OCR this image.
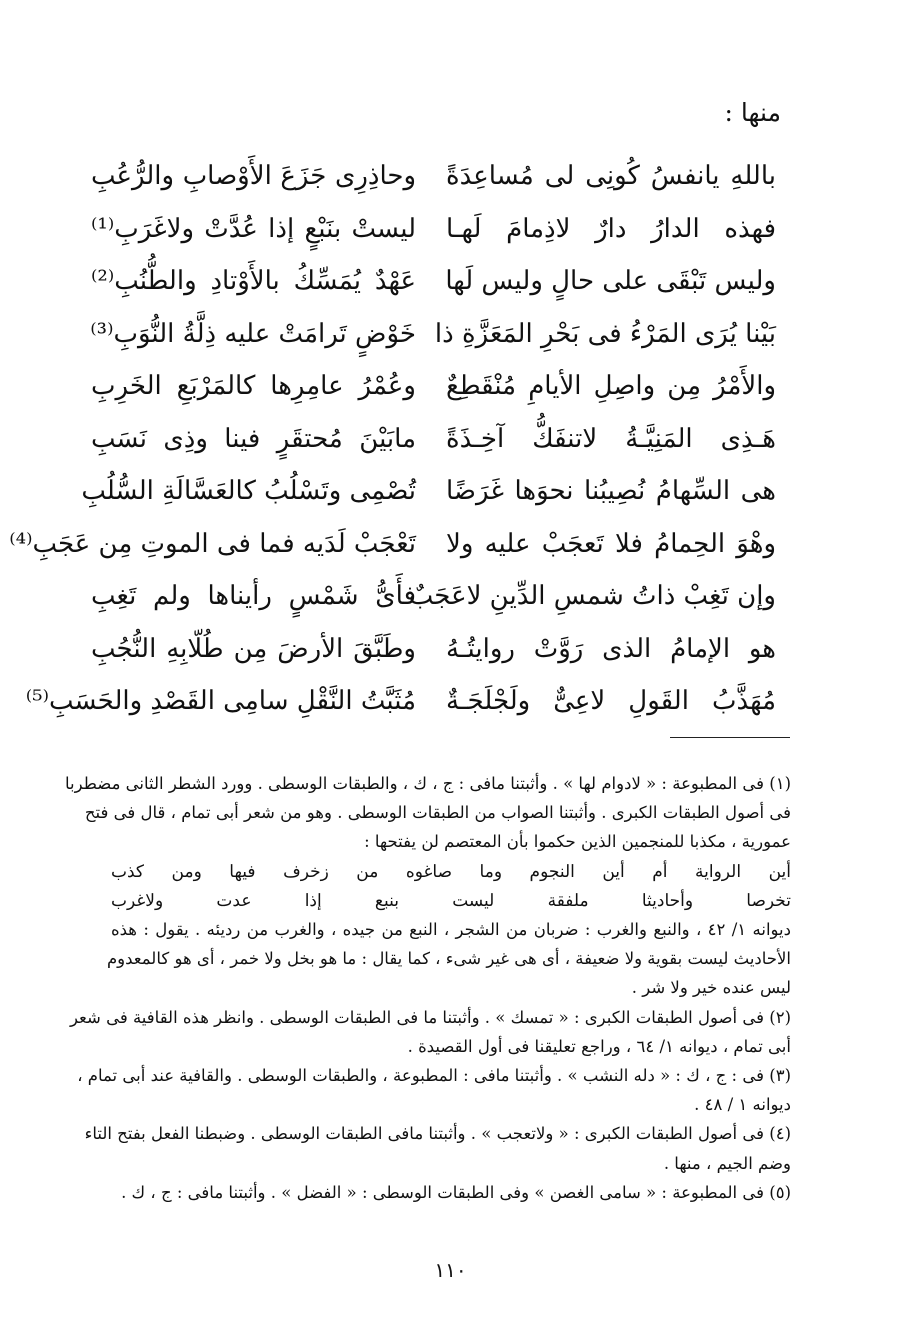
منها :
باللهِ يانفسُ كُونِى لى مُساعِدَةً
وحاذِرِى جَزَعَ الأَوْصابِ والرُّعُبِ
فهذه الدارُ دارٌ لاذِمامَ لَهـا
ليستْ بنَبْعٍ إذا عُدَّتْ ولاغَرَبِ⁽¹⁾
وليس تَبْقَى على حالٍ وليس لَها
عَهْدٌ يُمَسِّكُ بالأَوْتادِ والطُّنُبِ⁽²⁾
بَيْنا يُرَى المَرْءُ فى بَحْرِ المَعَزَّةِ ذا
خَوْضٍ تَرامَتْ عليه ذِلَّةُ النُّوَبِ⁽³⁾
والأَمْرُ مِن واصِلِ الأيامِ مُنْقَطِعٌ
وعُمْرُ عامِرِها كالمَرْبَعِ الخَرِبِ
هَـذِى المَنِيَّـةُ لاتنفَكُّ آخِـذَةً
مابَيْنَ مُحتقَرٍ فينا وذِى نَسَبِ
هى السِّهامُ نُصِيبُنا نحوَها غَرَضًا
تُصْمِى وتَسْلُبُ كالعَسَّالَةِ السُّلُبِ
وهْوَ الحِمامُ فلا تَعجَبْ عليه ولا
تَعْجَبْ لَدَيه فما فى الموتِ مِن عَجَبِ⁽⁴⁾
وإن تَغِبْ ذاتُ شمسِ الدِّينِ لاعَجَبٌ
فأَىُّ شَمْسٍ رأيناها ولم تَغِبِ
هو الإمامُ الذى رَوَّتْ روايتُـهُ
وطَبَّقَ الأرضَ مِن طُلّابِهِ النُّجُبِ
مُهَذَّبُ القَولِ لاعِىٌّ ولَجْلَجَـةٌ
مُثَبَّتُ النَّقْلِ سامِى القَصْدِ والحَسَبِ⁽⁵⁾
(١) فى المطبوعة : « لادوام لها » . وأثبتنا مافى : ج ، ك ، والطبقات الوسطى . وورد الشطر الثانى مضطربا
فى أصول الطبقات الكبرى . وأثبتنا الصواب من الطبقات الوسطى . وهو من شعر أبى تمام ، قال فى فتح
عمورية ، مكذبا للمنجمين الذين حكموا بأن المعتصم لن يفتحها :
أين الرواية أم أين النجوم وما صاغوه من زخرف فيها ومن كذب
تخرصا وأحاديثا ملفقة ليست بنبع إذا عدت ولاغرب
ديوانه ١/ ٤٢ ، والنبع والغرب : ضربان من الشجر ، النبع من جيده ، والغرب من رديئه . يقول : هذه
الأحاديث ليست بقوية ولا ضعيفة ، أى هى غير شىء ، كما يقال : ما هو بخل ولا خمر ، أى هو كالمعدوم
ليس عنده خير ولا شر .
(٢) فى أصول الطبقات الكبرى : « تمسك » . وأثبتنا ما فى الطبقات الوسطى . وانظر هذه القافية فى شعر
أبى تمام ، ديوانه ١/ ٦٤ ، وراجع تعليقنا فى أول القصيدة .
(٣) فى : ج ، ك : « دله النشب » . وأثبتنا مافى : المطبوعة ، والطبقات الوسطى . والقافية عند أبى تمام ،
ديوانه ١ / ٤٨ .
(٤) فى أصول الطبقات الكبرى : « ولاتعجب » . وأثبتنا مافى الطبقات الوسطى . وضبطنا الفعل بفتح التاء
وضم الجيم ، منها .
(٥) فى المطبوعة : « سامى الغصن » وفى الطبقات الوسطى : « الفضل » . وأثبتنا مافى : ج ، ك .
١١٠
